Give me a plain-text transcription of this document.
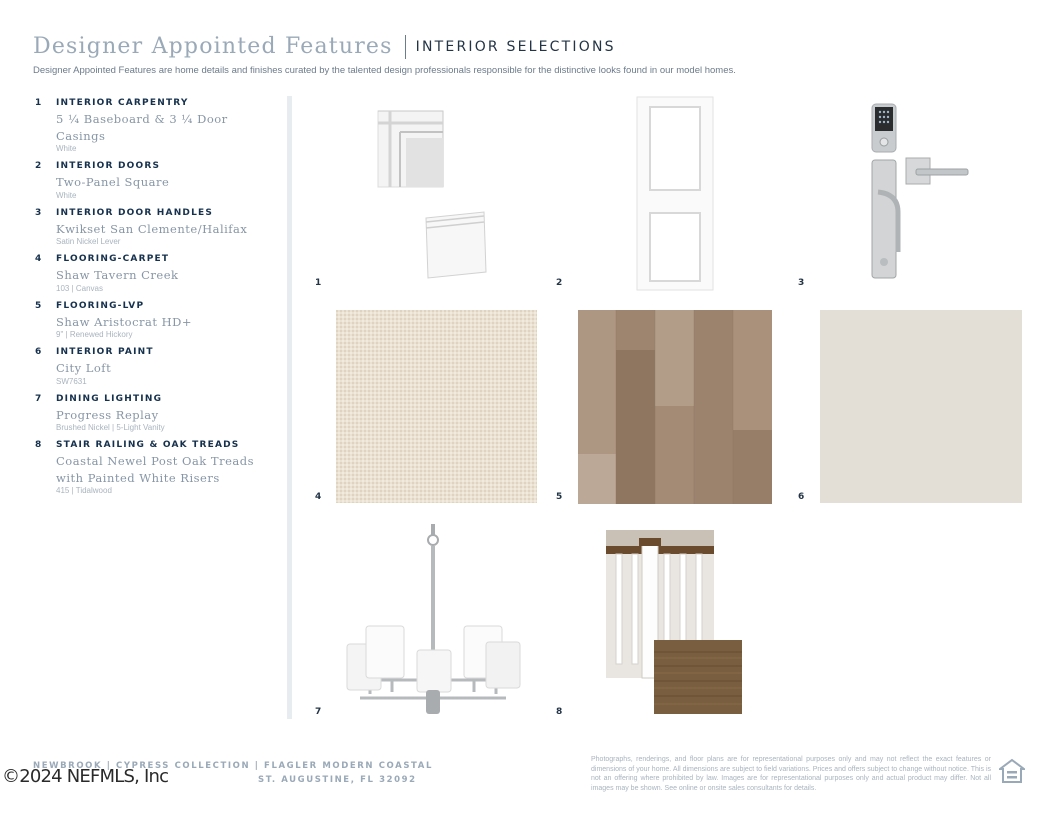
Designer Appointed Features INTERIOR SELECTIONS
Designer Appointed Features are home details and finishes curated by the talented design professionals responsible for the distinctive looks found in our model homes.
1	INTERIOR CARPENTRY
5 ¼ Baseboard & 3 ¼ Door Casings
White
2	INTERIOR DOORS
Two-Panel Square
White
3	INTERIOR DOOR HANDLES
Kwikset San Clemente/Halifax
Satin Nickel Lever
4	FLOORING-CARPET
Shaw Tavern Creek
103 | Canvas
5	FLOORING-LVP
Shaw Aristocrat HD+
9" | Renewed Hickory
6	INTERIOR PAINT
City Loft
SW7631
7	DINING LIGHTING
Progress Replay
Brushed Nickel | 5-Light Vanity
8	STAIR RAILING & OAK TREADS
Coastal Newel Post Oak Treads with Painted White Risers
415 | Tidalwood
1	2	3
4	5	6
7	8
NEWBROOK | CYPRESS COLLECTION | FLAGLER MODERN COASTAL
ST. AUGUSTINE, FL 32092
©2024 NEFMLS, Inc
Photographs, renderings, and floor plans are for representational purposes only and may not reflect the exact features or dimensions of your home. All dimensions are subject to field variations. Prices and offers subject to change without notice. This is not an offering where prohibited by law. Images are for representational purposes only and actual product may differ. Not all images may be shown. See online or onsite sales consultants for details.
